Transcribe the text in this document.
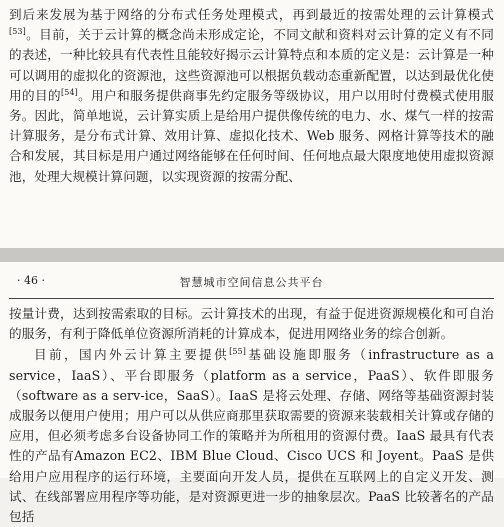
到后来发展为基于网络的分布式任务处理模式，再到最近的按需处理的云计算模式[53]。目前，关于云计算的概念尚未形成定论，不同文献和资料对云计算的定义有不同的表述，一种比较具有代表性且能较好揭示云计算特点和本质的定义是：云计算是一种可以调用的虚拟化的资源池，这些资源池可以根据负载动态重新配置，以达到最优化使用的目的[54]。用户和服务提供商事先约定服务等级协议，用户以用时付费模式使用服务。因此，简单地说，云计算实质上是给用户提供像传统的电力、水、煤气一样的按需计算服务，是分布式计算、效用计算、虚拟化技术、Web 服务、网格计算等技术的融合和发展，其目标是用户通过网络能够在任何时间、任何地点最大限度地使用虚拟资源池，处理大规模计算问题，以实现资源的按需分配、

· 46 ·	智慧城市空间信息公共平台

按量计费，达到按需索取的目标。云计算技术的出现，有益于促进资源规模化和可自治的服务，有利于降低单位资源所消耗的计算成本，促进用网络业务的综合创新。

目前，国内外云计算主要提供[55]基础设施即服务（infrastructure as a service，IaaS）、平台即服务（platform as a service，PaaS）、软件即服务（software as a serv-ice，SaaS）。IaaS 是将云处理、存储、网络等基础资源封装成服务以便用户使用；用户可以从供应商那里获取需要的资源来装载相关计算或存储的应用，但必须考虑多台设备协同工作的策略并为所租用的资源付费。IaaS 最具有代表性的产品有Amazon EC2、IBM Blue Cloud、Cisco UCS 和 Joyent。PaaS 是供给用户应用程序的运行环境，主要面向开发人员，提供在互联网上的自定义开发、测试、在线部署应用程序等功能，是对资源更进一步的抽象层次。PaaS 比较著名的产品包括
